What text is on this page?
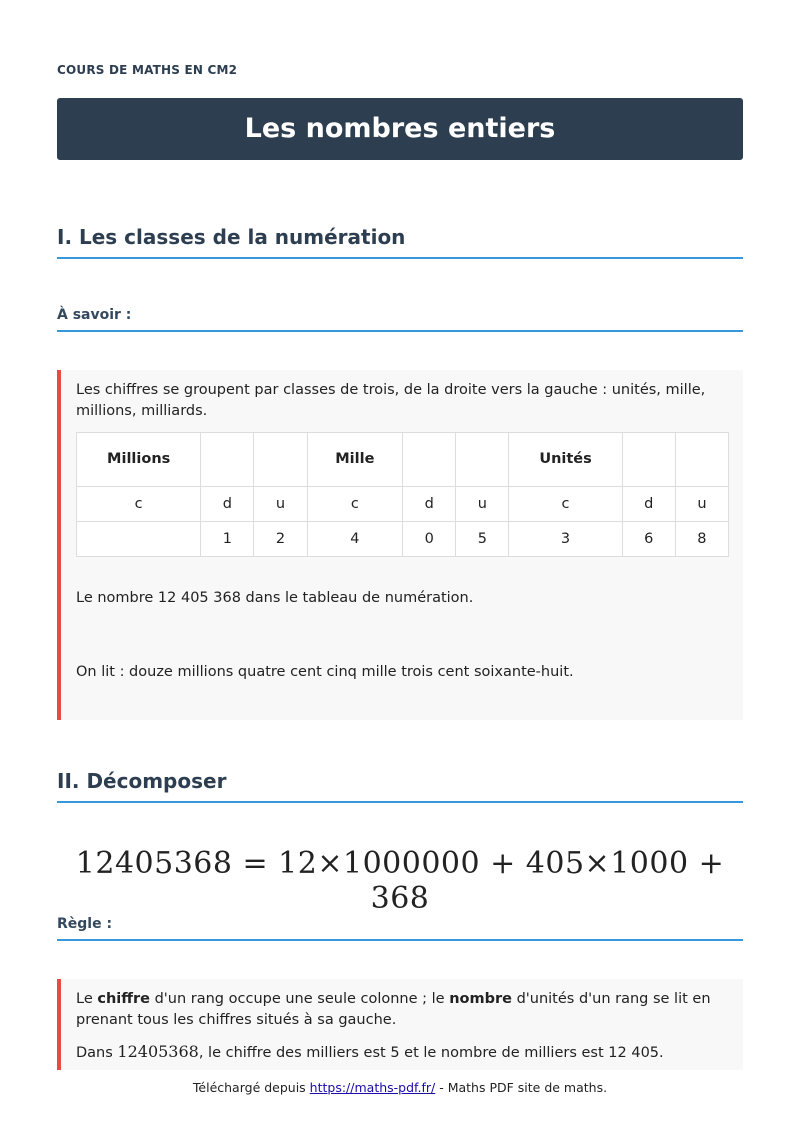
COURS DE MATHS EN CM2
Les nombres entiers
I. Les classes de la numération
À savoir :

Les chiffres se groupent par classes de trois, de la droite vers la gauche : unités, mille, millions, milliards.

Millions			Mille			Unités		
c	d	u	c	d	u	c	d	u
	1	2	4	0	5	3	6	8

Le nombre 12 405 368 dans le tableau de numération.

On lit : douze millions quatre cent cinq mille trois cent soixante-huit.

II. Décomposer
12405368 = 12×1000000 + 405×1000 + 368
Règle :

Le chiffre d'un rang occupe une seule colonne ; le nombre d'unités d'un rang se lit en prenant tous les chiffres situés à sa gauche.

Dans 12405368, le chiffre des milliers est 5 et le nombre de milliers est 12 405.

Téléchargé depuis https://maths-pdf.fr/ - Maths PDF site de maths.
